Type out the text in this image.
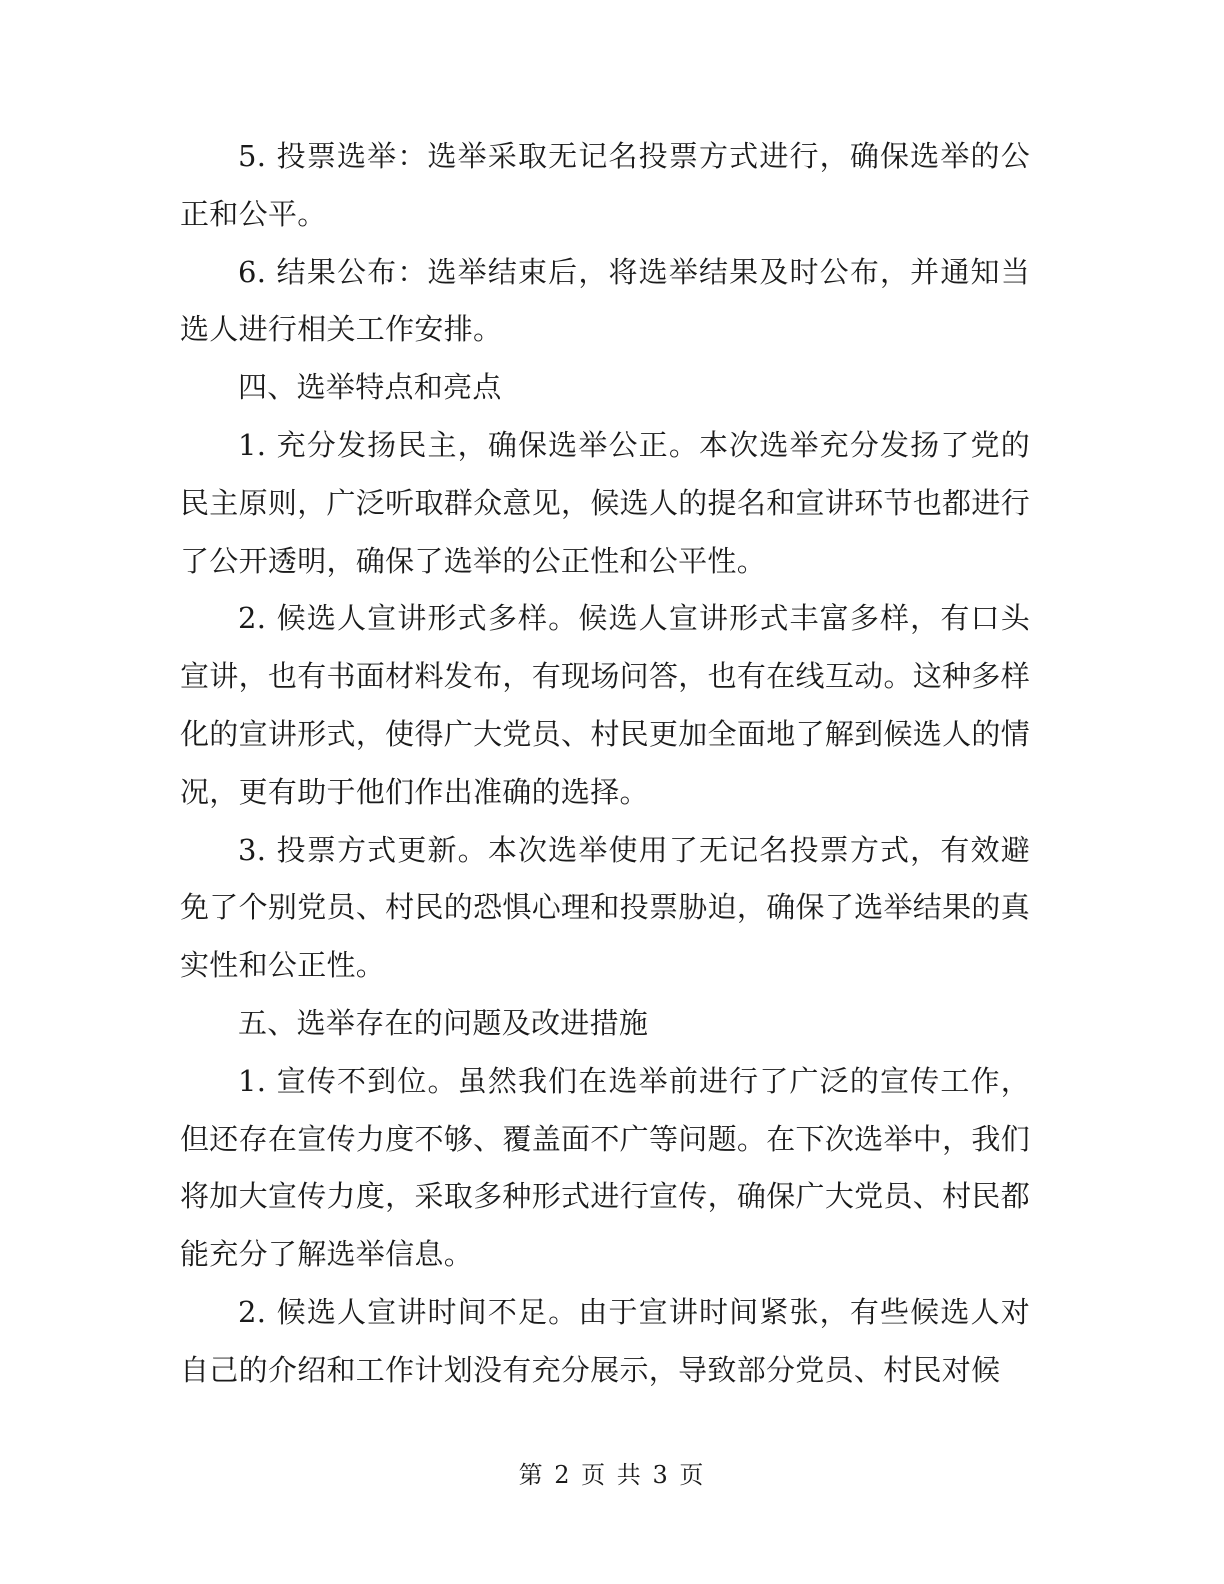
5. 投票选举：选举采取无记名投票方式进行，确保选举的公正和公平。

6. 结果公布：选举结束后，将选举结果及时公布，并通知当选人进行相关工作安排。

四、选举特点和亮点

1. 充分发扬民主，确保选举公正。本次选举充分发扬了党的民主原则，广泛听取群众意见，候选人的提名和宣讲环节也都进行了公开透明，确保了选举的公正性和公平性。

2. 候选人宣讲形式多样。候选人宣讲形式丰富多样，有口头宣讲，也有书面材料发布，有现场问答，也有在线互动。这种多样化的宣讲形式，使得广大党员、村民更加全面地了解到候选人的情况，更有助于他们作出准确的选择。

3. 投票方式更新。本次选举使用了无记名投票方式，有效避免了个别党员、村民的恐惧心理和投票胁迫，确保了选举结果的真实性和公正性。

五、选举存在的问题及改进措施

1. 宣传不到位。虽然我们在选举前进行了广泛的宣传工作，但还存在宣传力度不够、覆盖面不广等问题。在下次选举中，我们将加大宣传力度，采取多种形式进行宣传，确保广大党员、村民都能充分了解选举信息。

2. 候选人宣讲时间不足。由于宣讲时间紧张，有些候选人对自己的介绍和工作计划没有充分展示，导致部分党员、村民对候

第 2 页 共 3 页
